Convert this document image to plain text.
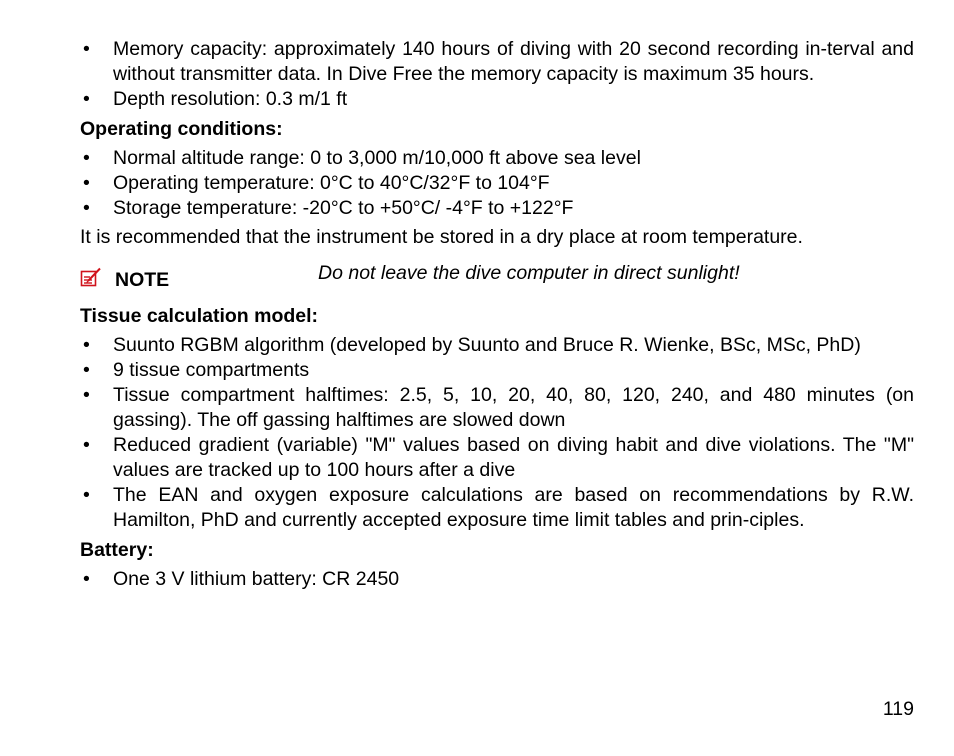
• Memory capacity: approximately 140 hours of diving with 20 second recording in-terval and without transmitter data. In Dive Free the memory capacity is maximum 35 hours.
• Depth resolution: 0.3 m/1 ft
Operating conditions:
• Normal altitude range: 0 to 3,000 m/10,000 ft above sea level
• Operating temperature: 0°C to 40°C/32°F to 104°F
• Storage temperature: -20°C to +50°C/ -4°F to +122°F
It is recommended that the instrument be stored in a dry place at room temperature.
NOTE	Do not leave the dive computer in direct sunlight!
Tissue calculation model:
• Suunto RGBM algorithm (developed by Suunto and Bruce R. Wienke, BSc, MSc, PhD)
• 9 tissue compartments
• Tissue compartment halftimes: 2.5, 5, 10, 20, 40, 80, 120, 240, and 480 minutes (on gassing). The off gassing halftimes are slowed down
• Reduced gradient (variable) "M" values based on diving habit and dive violations. The "M" values are tracked up to 100 hours after a dive
• The EAN and oxygen exposure calculations are based on recommendations by R.W. Hamilton, PhD and currently accepted exposure time limit tables and prin-ciples.
Battery:
• One 3 V lithium battery: CR 2450
119
